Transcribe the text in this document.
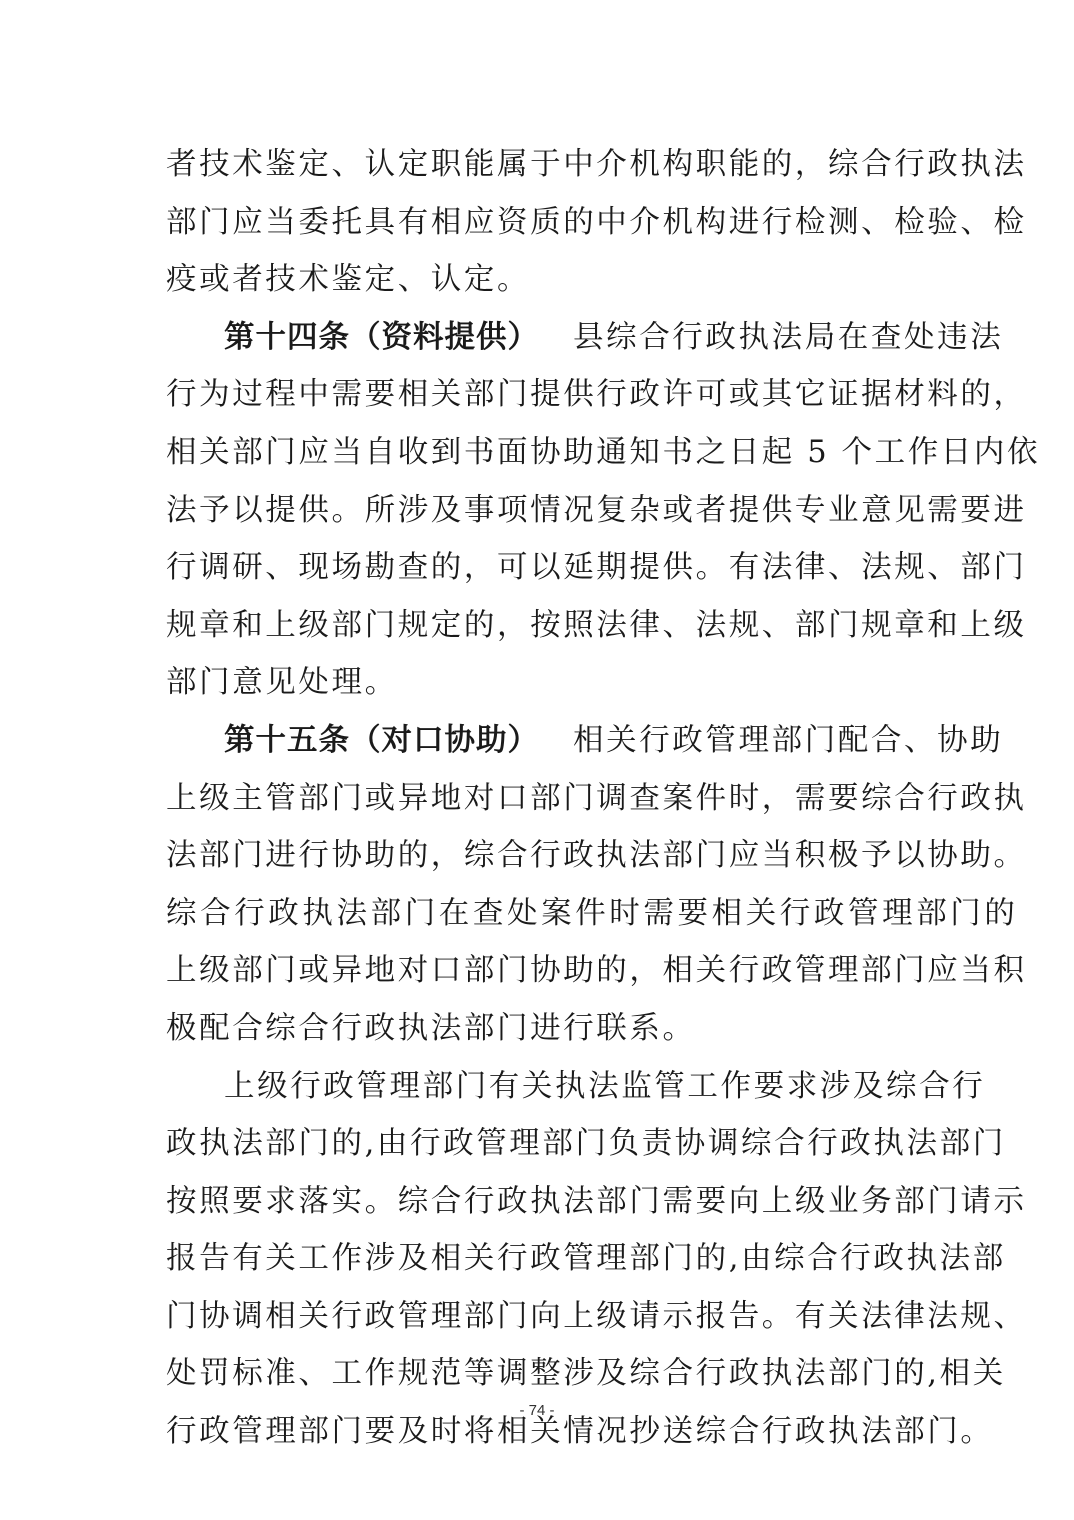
者技术鉴定、认定职能属于中介机构职能的，综合行政执法
部门应当委托具有相应资质的中介机构进行检测、检验、检
疫或者技术鉴定、认定。
第十四条（资料提供） 县综合行政执法局在查处违法
行为过程中需要相关部门提供行政许可或其它证据材料的，
相关部门应当自收到书面协助通知书之日起 5 个工作日内依
法予以提供。所涉及事项情况复杂或者提供专业意见需要进
行调研、现场勘查的，可以延期提供。有法律、法规、部门
规章和上级部门规定的，按照法律、法规、部门规章和上级
部门意见处理。
第十五条（对口协助） 相关行政管理部门配合、协助
上级主管部门或异地对口部门调查案件时，需要综合行政执
法部门进行协助的，综合行政执法部门应当积极予以协助。
综合行政执法部门在查处案件时需要相关行政管理部门的
上级部门或异地对口部门协助的，相关行政管理部门应当积
极配合综合行政执法部门进行联系。
上级行政管理部门有关执法监管工作要求涉及综合行
政执法部门的,由行政管理部门负责协调综合行政执法部门
按照要求落实。综合行政执法部门需要向上级业务部门请示
报告有关工作涉及相关行政管理部门的,由综合行政执法部
门协调相关行政管理部门向上级请示报告。有关法律法规、
处罚标准、工作规范等调整涉及综合行政执法部门的,相关
行政管理部门要及时将相关情况抄送综合行政执法部门。
- 74 -
